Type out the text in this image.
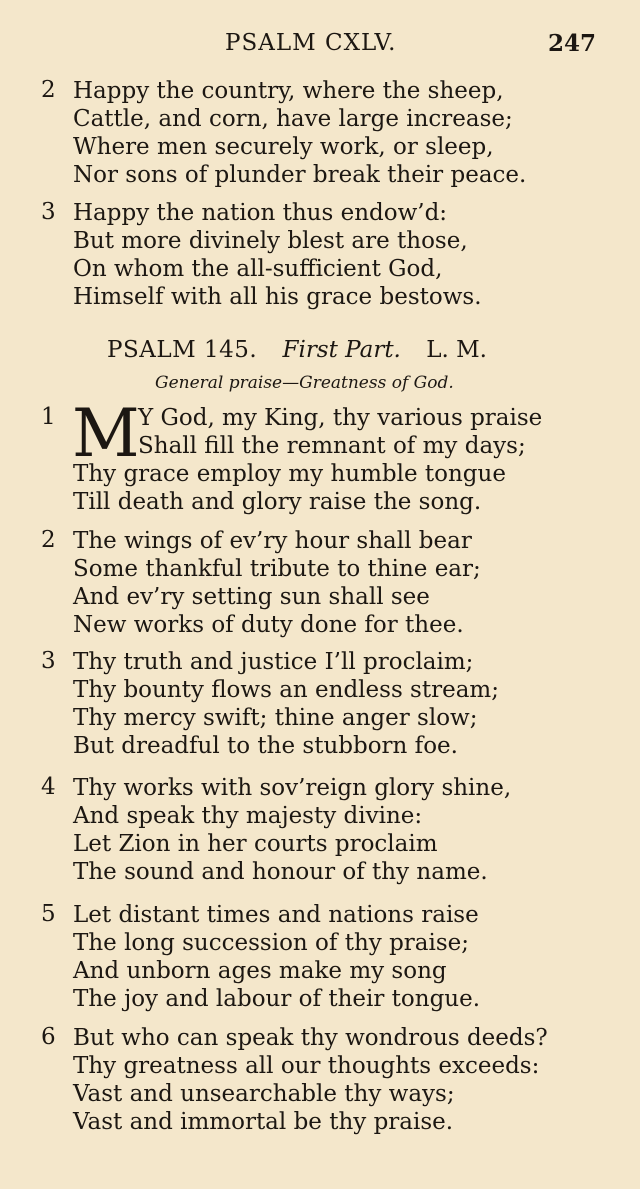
PSALM CXLV.	247
2 Happy the country, where the sheep,
Cattle, and corn, have large increase;
Where men securely work, or sleep,
Nor sons of plunder break their peace.
3 Happy the nation thus endow’d:
But more divinely blest are those,
On whom the all-sufficient God,
Himself with all his grace bestows.
PSALM 145. First Part. L. M.
General praise—Greatness of God.
1	Y God, my King, thy various praise
Shall fill the remnant of my days;
Thy grace employ my humble tongue
Till death and glory raise the song.
M
2 The wings of ev’ry hour shall bear
Some thankful tribute to thine ear;
And ev’ry setting sun shall see
New works of duty done for thee.
3 Thy truth and justice I’ll proclaim;
Thy bounty flows an endless stream;
Thy mercy swift; thine anger slow;
But dreadful to the stubborn foe.
4 Thy works with sov’reign glory shine,
And speak thy majesty divine:
Let Zion in her courts proclaim
The sound and honour of thy name.
5 Let distant times and nations raise
The long succession of thy praise;
And unborn ages make my song
The joy and labour of their tongue.
6 But who can speak thy wondrous deeds?
Thy greatness all our thoughts exceeds:
Vast and unsearchable thy ways;
Vast and immortal be thy praise.
